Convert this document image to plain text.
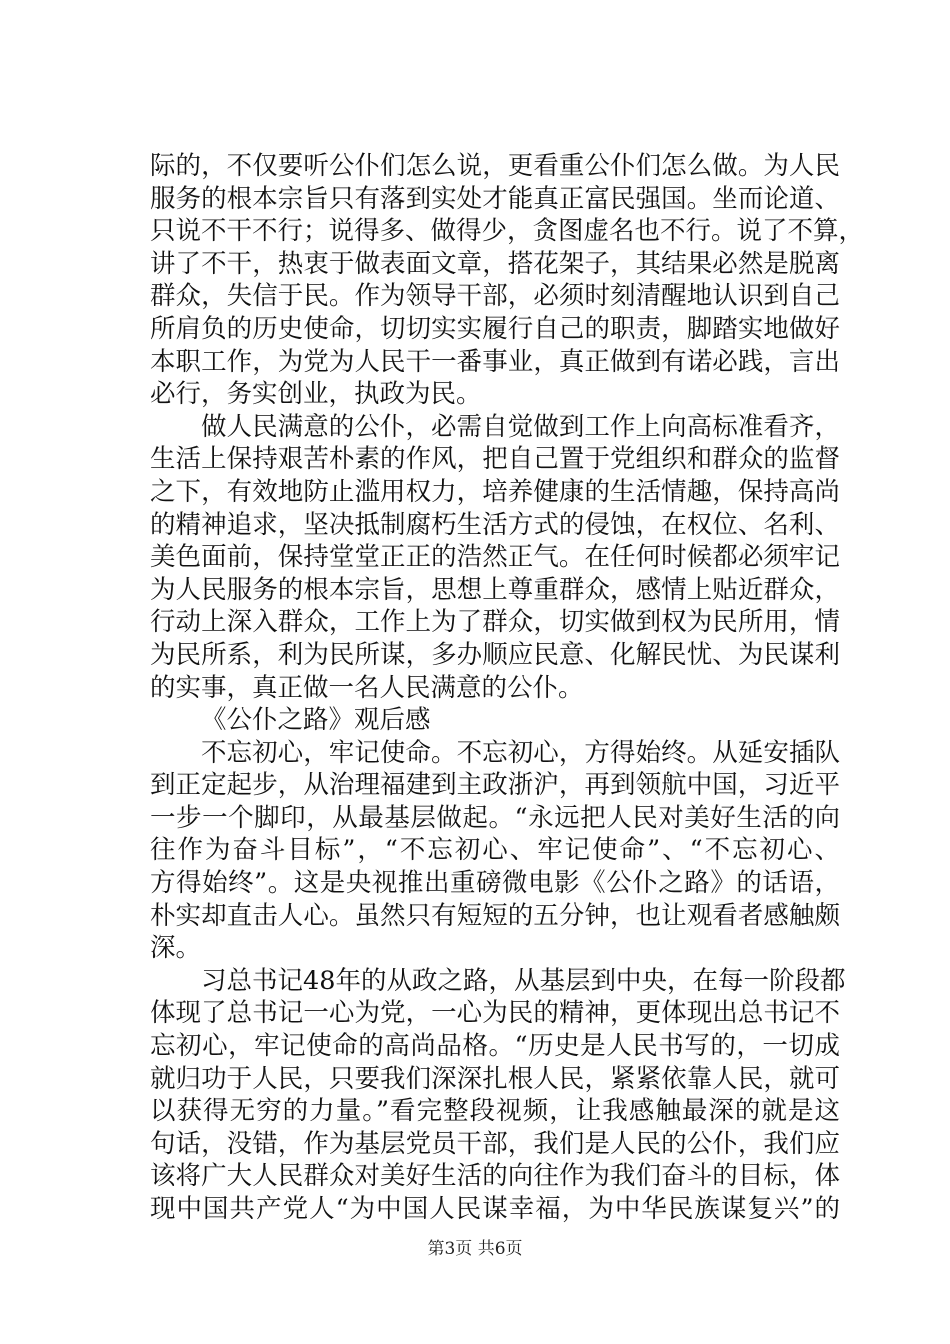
际的，不仅要听公仆们怎么说，更看重公仆们怎么做。为人民
服务的根本宗旨只有落到实处才能真正富民强国。坐而论道、
只说不干不行；说得多、做得少，贪图虚名也不行。说了不算，
讲了不干，热衷于做表面文章，搭花架子，其结果必然是脱离
群众，失信于民。作为领导干部，必须时刻清醒地认识到自己
所肩负的历史使命，切切实实履行自己的职责，脚踏实地做好
本职工作，为党为人民干一番事业，真正做到有诺必践，言出
必行，务实创业，执政为民。
做人民满意的公仆，必需自觉做到工作上向高标准看齐，
生活上保持艰苦朴素的作风，把自己置于党组织和群众的监督
之下，有效地防止滥用权力，培养健康的生活情趣，保持高尚
的精神追求，坚决抵制腐朽生活方式的侵蚀，在权位、名利、
美色面前，保持堂堂正正的浩然正气。在任何时候都必须牢记
为人民服务的根本宗旨，思想上尊重群众，感情上贴近群众，
行动上深入群众，工作上为了群众，切实做到权为民所用，情
为民所系，利为民所谋，多办顺应民意、化解民忧、为民谋利
的实事，真正做一名人民满意的公仆。
《公仆之路》观后感
不忘初心，牢记使命。不忘初心，方得始终。从延安插队
到正定起步，从治理福建到主政浙沪，再到领航中国，习近平
一步一个脚印，从最基层做起。“永远把人民对美好生活的向
往作为奋斗目标”，“不忘初心、牢记使命”、“不忘初心、
方得始终”。这是央视推出重磅微电影《公仆之路》的话语，
朴实却直击人心。虽然只有短短的五分钟，也让观看者感触颇
深。
习总书记48年的从政之路，从基层到中央，在每一阶段都
体现了总书记一心为党，一心为民的精神，更体现出总书记不
忘初心，牢记使命的高尚品格。“历史是人民书写的，一切成
就归功于人民，只要我们深深扎根人民，紧紧依靠人民，就可
以获得无穷的力量。”看完整段视频，让我感触最深的就是这
句话，没错，作为基层党员干部，我们是人民的公仆，我们应
该将广大人民群众对美好生活的向往作为我们奋斗的目标，体
现中国共产党人“为中国人民谋幸福，为中华民族谋复兴”的
第3页 共6页
